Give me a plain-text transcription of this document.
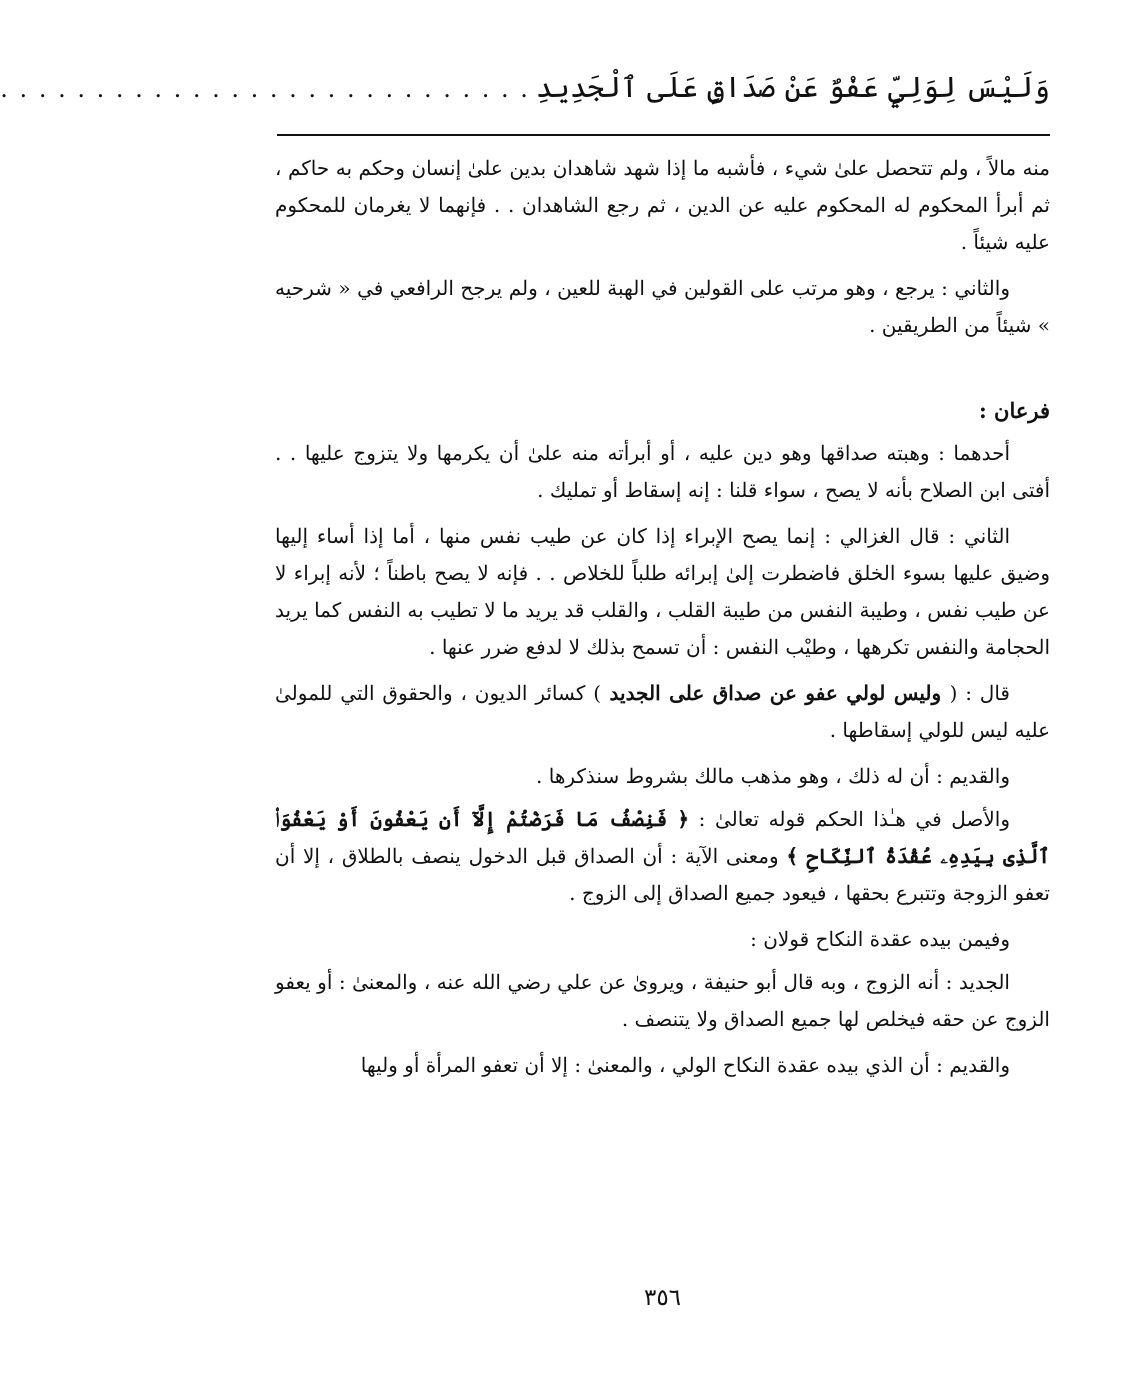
وَلَيْسَ لِوَلِيٍّ عَفْوٌ عَنْ صَدَاقٍ عَلَى ٱلْجَدِيدِ
. . . . . . . . . . . . . . . . . . . . . . . . . . . .

منه مالاً ، ولم تتحصل علىٰ شيء ، فأشبه ما إذا شهد شاهدان بدين علىٰ إنسان وحكم به حاكم ، ثم أبرأ المحكوم له المحكوم عليه عن الدين ، ثم رجع الشاهدان . . فإنهما لا يغرمان للمحكوم عليه شيئاً .

والثاني : يرجع ، وهو مرتب على القولين في الهبة للعين ، ولم يرجح الرافعي في « شرحيه » شيئاً من الطريقين .

فرعان :

أحدهما : وهبته صداقها وهو دين عليه ، أو أبرأته منه علىٰ أن يكرمها ولا يتزوج عليها . . أفتى ابن الصلاح بأنه لا يصح ، سواء قلنا : إنه إسقاط أو تمليك .

الثاني : قال الغزالي : إنما يصح الإبراء إذا كان عن طيب نفس منها ، أما إذا أساء إليها وضيق عليها بسوء الخلق فاضطرت إلىٰ إبرائه طلباً للخلاص . . فإنه لا يصح باطناً ؛ لأنه إبراء لا عن طيب نفس ، وطيبة النفس من طيبة القلب ، والقلب قد يريد ما لا تطيب به النفس كما يريد الحجامة والنفس تكرهها ، وطيْب النفس : أن تسمح بذلك لا لدفع ضرر عنها .

قال : ( وليس لولي عفو عن صداق على الجديد ) كسائر الديون ، والحقوق التي للمولىٰ عليه ليس للولي إسقاطها .

والقديم : أن له ذلك ، وهو مذهب مالك بشروط سنذكرها .

والأصل في هـٰذا الحكم قوله تعالىٰ : ﴿ فَنِصْفُ مَا فَرَضْتُمْ إِلَّآ أَن يَعْفُونَ أَوْ يَعْفُوَا۟ ٱلَّذِى بِيَدِهِۦ عُقْدَةُ ٱلنِّكَاحِ ﴾ ومعنى الآية : أن الصداق قبل الدخول ينصف بالطلاق ، إلا أن تعفو الزوجة وتتبرع بحقها ، فيعود جميع الصداق إلى الزوج .

وفيمن بيده عقدة النكاح قولان :

الجديد : أنه الزوج ، وبه قال أبو حنيفة ، ويروىٰ عن علي رضي الله عنه ، والمعنىٰ : أو يعفو الزوج عن حقه فيخلص لها جميع الصداق ولا يتنصف .

والقديم : أن الذي بيده عقدة النكاح الولي ، والمعنىٰ : إلا أن تعفو المرأة أو وليها

٣٥٦
